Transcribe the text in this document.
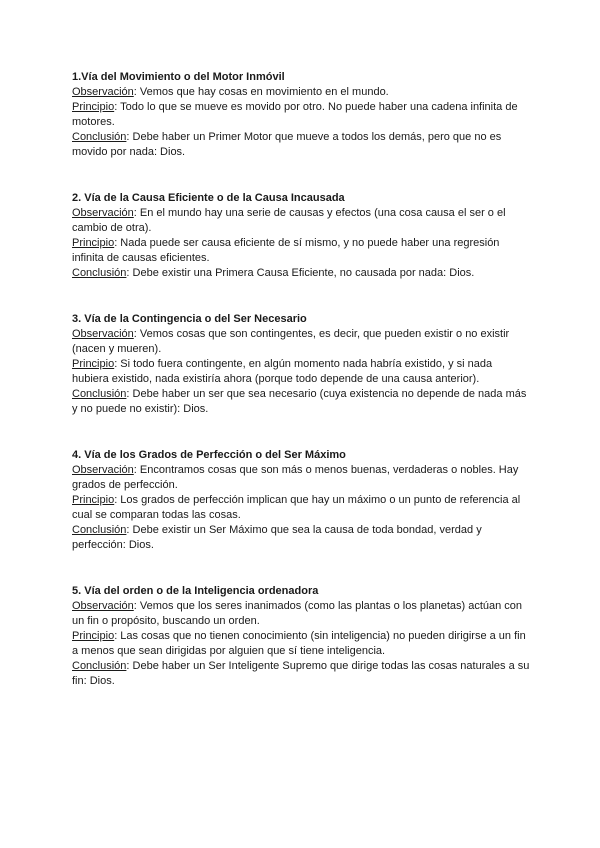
1.Vía del Movimiento o del Motor Inmóvil

Observación: Vemos que hay cosas en movimiento en el mundo.

Principio: Todo lo que se mueve es movido por otro. No puede haber una cadena infinita de motores.

Conclusión: Debe haber un Primer Motor que mueve a todos los demás, pero que no es movido por nada: Dios.

2. Vía de la Causa Eficiente o de la Causa Incausada

Observación: En el mundo hay una serie de causas y efectos (una cosa causa el ser o el cambio de otra).

Principio: Nada puede ser causa eficiente de sí mismo, y no puede haber una regresión infinita de causas eficientes.

Conclusión: Debe existir una Primera Causa Eficiente, no causada por nada: Dios.

3. Vía de la Contingencia o del Ser Necesario

Observación: Vemos cosas que son contingentes, es decir, que pueden existir o no existir (nacen y mueren).

Principio: Si todo fuera contingente, en algún momento nada habría existido, y si nada hubiera existido, nada existiría ahora (porque todo depende de una causa anterior).

Conclusión: Debe haber un ser que sea necesario (cuya existencia no depende de nada más y no puede no existir): Dios.

4. Vía de los Grados de Perfección o del Ser Máximo

Observación: Encontramos cosas que son más o menos buenas, verdaderas o nobles. Hay grados de perfección.

Principio: Los grados de perfección implican que hay un máximo o un punto de referencia al cual se comparan todas las cosas.

Conclusión: Debe existir un Ser Máximo que sea la causa de toda bondad, verdad y perfección: Dios.

5. Vía del orden o de la Inteligencia ordenadora

Observación: Vemos que los seres inanimados (como las plantas o los planetas) actúan con un fin o propósito, buscando un orden.

Principio: Las cosas que no tienen conocimiento (sin inteligencia) no pueden dirigirse a un fin a menos que sean dirigidas por alguien que sí tiene inteligencia.

Conclusión: Debe haber un Ser Inteligente Supremo que dirige todas las cosas naturales a su fin: Dios.
